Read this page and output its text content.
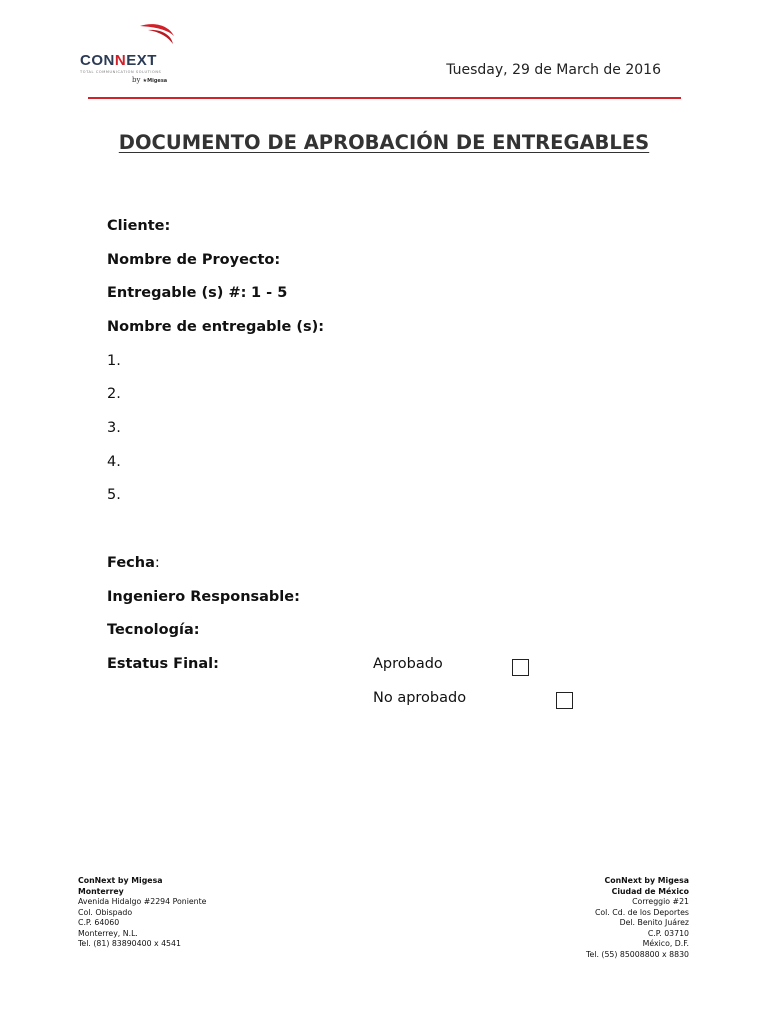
CONNEXT
TOTAL COMMUNICATION SOLUTIONS
by ★Migesa
Tuesday, 29 de March de 2016
DOCUMENTO DE APROBACIÓN DE ENTREGABLES
Cliente:
Nombre de Proyecto:
Entregable (s) #: 1 - 5
Nombre de entregable (s):
1.
2.
3.
4.
5.
Fecha:
Ingeniero Responsable:
Tecnología:
Estatus Final:	Aprobado
No aprobado
ConNext by Migesa
Monterrey
Avenida Hidalgo #2294 Poniente
Col. Obispado
C.P. 64060
Monterrey, N.L.
Tel. (81) 83890400 x 4541
ConNext by Migesa
Ciudad de México
Correggio #21
Col. Cd. de los Deportes
Del. Benito Juárez
C.P. 03710
México, D.F.
Tel. (55) 85008800 x 8830
